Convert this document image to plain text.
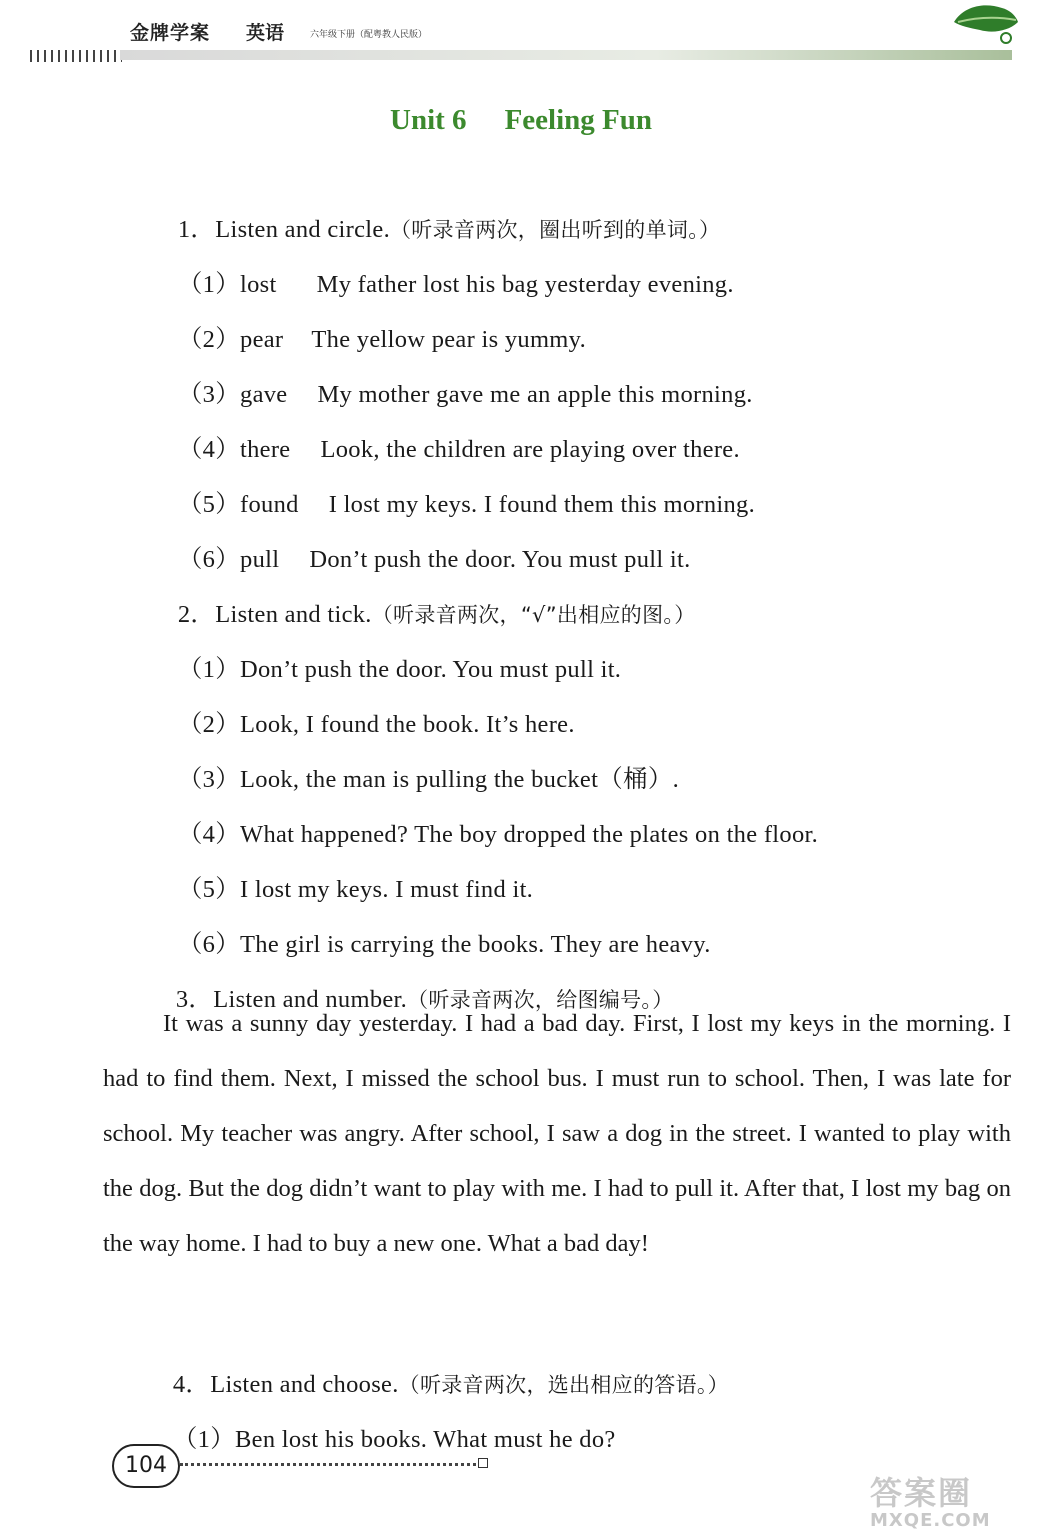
金牌学案 英语	六年级下册（配粤教人民版）
Unit 6 Feeling Fun

1．Listen and circle.（听录音两次，圈出听到的单词。）

（1）lost My father lost his bag yesterday evening.

（2）pear The yellow pear is yummy.

（3）gave My mother gave me an apple this morning.

（4）there Look, the children are playing over there.

（5）found I lost my keys. I found them this morning.

（6）pull Don’t push the door. You must pull it.

2．Listen and tick.（听录音两次，“√”出相应的图。）

（1）Don’t push the door. You must pull it.

（2）Look, I found the book. It’s here.

（3）Look, the man is pulling the bucket（桶）.

（4）What happened? The boy dropped the plates on the floor.

（5）I lost my keys. I must find it.

（6）The girl is carrying the books. They are heavy.

3．Listen and number.（听录音两次，给图编号。）

It was a sunny day yesterday. I had a bad day. First, I lost my keys in the morning. I had to find them. Next, I missed the school bus. I must run to school. Then, I was late for school. My teacher was angry. After school, I saw a dog in the street. I wanted to play with the dog. But the dog didn’t want to play with me. I had to pull it. After that, I lost my bag on the way home. I had to buy a new one. What a bad day!

4．Listen and choose.（听录音两次，选出相应的答语。）

（1）Ben lost his books. What must he do?

104
答案圈
MXQE.COM
